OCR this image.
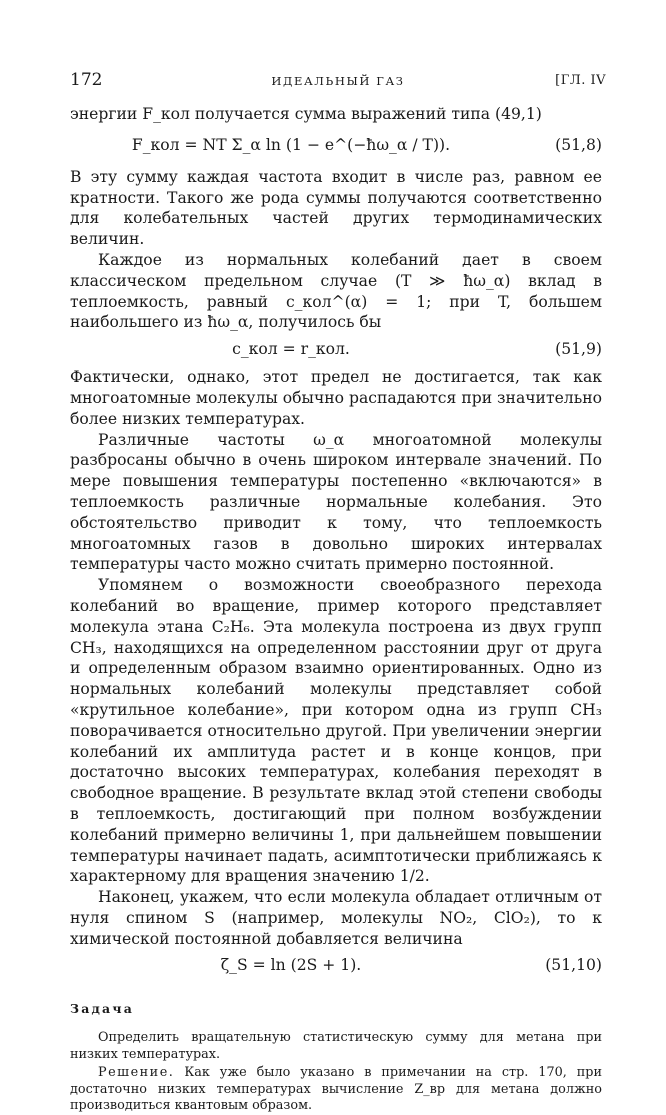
172	ИДЕАЛЬНЫЙ ГАЗ	[ГЛ. IV

энергии F_кол получается сумма выражений типа (49,1)

F_кол = NT Σ_α ln (1 − e^(−ħω_α / T)).	(51,8)

В эту сумму каждая частота входит в числе раз, равном ее кратности. Такого же рода суммы получаются соответственно для колебательных частей других термодинамических величин.

Каждое из нормальных колебаний дает в своем классическом предельном случае (T ≫ ħω_α) вклад в теплоемкость, равный c_кол^(α) = 1; при T, большем наибольшего из ħω_α, получилось бы

c_кол = r_кол.	(51,9)

Фактически, однако, этот предел не достигается, так как многоатомные молекулы обычно распадаются при значительно более низких температурах.

Различные частоты ω_α многоатомной молекулы разбросаны обычно в очень широком интервале значений. По мере повышения температуры постепенно «включаются» в теплоемкость различные нормальные колебания. Это обстоятельство приводит к тому, что теплоемкость многоатомных газов в довольно широких интервалах температуры часто можно считать примерно постоянной.

Упомянем о возможности своеобразного перехода колебаний во вращение, пример которого представляет молекула этана C₂H₆. Эта молекула построена из двух групп CH₃, находящихся на определенном расстоянии друг от друга и определенным образом взаимно ориентированных. Одно из нормальных колебаний молекулы представляет собой «крутильное колебание», при котором одна из групп CH₃ поворачивается относительно другой. При увеличении энергии колебаний их амплитуда растет и в конце концов, при достаточно высоких температурах, колебания переходят в свободное вращение. В результате вклад этой степени свободы в теплоемкость, достигающий при полном возбуждении колебаний примерно величины 1, при дальнейшем повышении температуры начинает падать, асимптотически приближаясь к характерному для вращения значению 1/2.

Наконец, укажем, что если молекула обладает отличным от нуля спином S (например, молекулы NO₂, ClO₂), то к химической постоянной добавляется величина

ζ_S = ln (2S + 1).	(51,10)
Задача

Определить вращательную статистическую сумму для метана при низких температурах.

Решение. Как уже было указано в примечании на стр. 170, при достаточно низких температурах вычисление Z_вр для метана должно производиться квантовым образом.
